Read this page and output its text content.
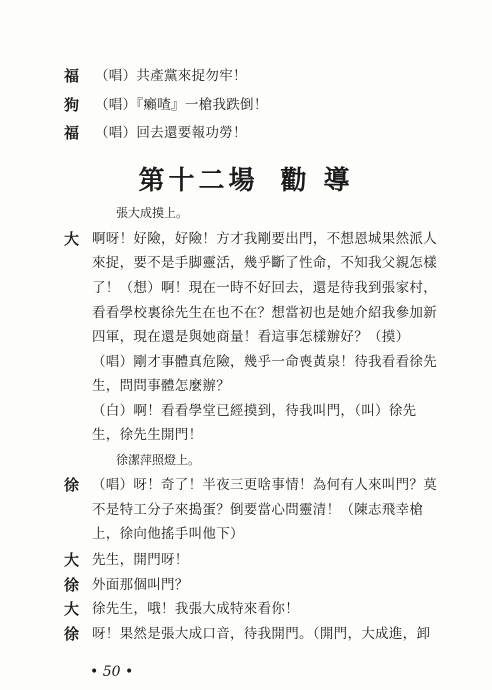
福 （唱）共產黨來捉勿牢！
狗 （唱）『癩喳』一槍我跌倒！
福 （唱）回去還要報功勞！
第十二場 勸 導
張大成摸上。
大 啊呀！好險，好險！方才我剛要出門，不想恩城果然派人
來捉，要不是手脚靈活，幾乎斷了性命，不知我父親怎樣
了！（想）啊！現在一時不好回去，還是待我到張家村，
看看學校裏徐先生在也不在？想當初也是她介紹我參加新
四軍，現在還是與她商量！看這事怎樣辦好？（摸）
（唱）剛才事體真危險，幾乎一命喪黃泉！待我看看徐先
生，問問事體怎麼辦？
（白）啊！看看學堂已經摸到，待我叫門，（叫）徐先
生，徐先生開門！
徐潔萍照燈上。
徐 （唱）呀！奇了！半夜三更啥事情！為何有人來叫門？莫
不是特工分子來搗蛋？倒要當心問靈清！（陳志飛幸槍
上，徐向他搖手叫他下）
大 先生，開門呀！
徐 外面那個叫門？
大 徐先生，哦！我張大成特來看你！
徐 呀！果然是張大成口音，待我開門。（開門，大成進，卸
• 50 •
